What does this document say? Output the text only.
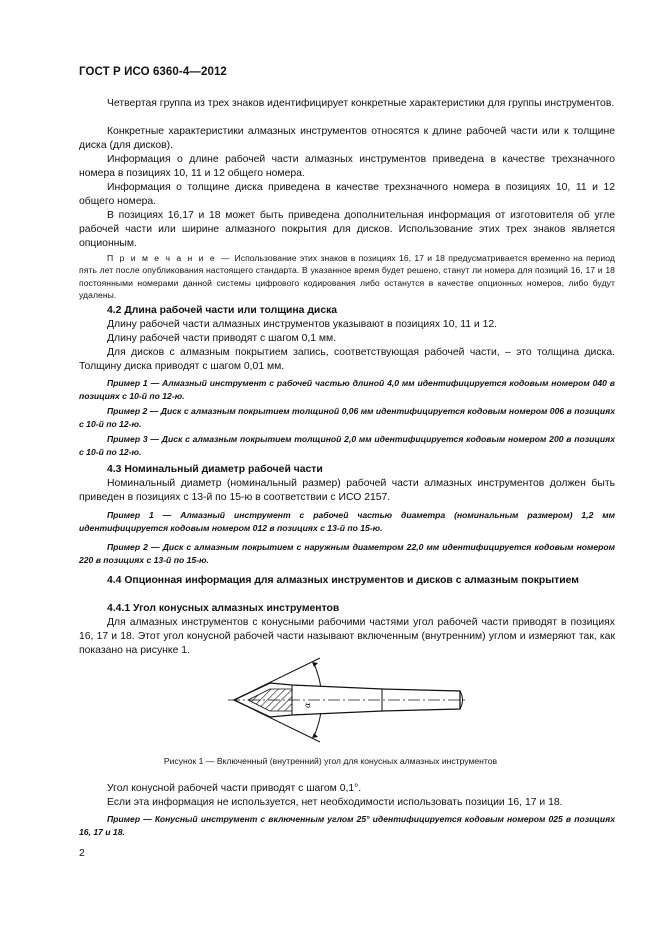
ГОСТ Р ИСО 6360-4—2012
Четвертая группа из трех знаков идентифицирует конкретные характеристики для группы инструментов.
Конкретные характеристики алмазных инструментов относятся к длине рабочей части или к толщине диска (для дисков).
Информация о длине рабочей части алмазных инструментов приведена в качестве трехзначного номера в позициях 10, 11 и 12 общего номера.
Информация о толщине диска приведена в качестве трехзначного номера в позициях 10, 11 и 12 общего номера.
В позициях 16,17 и 18 может быть приведена дополнительная информация от изготовителя об угле рабочей части или ширине алмазного покрытия для дисков. Использование этих трех знаков является опционным.
П р и м е ч а н и е — Использование этих знаков в позициях 16, 17 и 18 предусматривается временно на период пять лет после опубликования настоящего стандарта. В указанное время будет решено, станут ли номера для позиций 16, 17 и 18 постоянными номерами данной системы цифрового кодирования либо останутся в качестве опционных номеров, либо будут удалены.
4.2 Длина рабочей части или толщина диска
Длину рабочей части алмазных инструментов указывают в позициях 10, 11 и 12.
Длину рабочей части приводят с шагом 0,1 мм.
Для дисков с алмазным покрытием запись, соответствующая рабочей части, – это толщина диска. Толщину диска приводят с шагом 0,01 мм.
Пример 1 — Алмазный инструмент с рабочей частью длиной 4,0 мм идентифицируется кодовым номером 040 в позициях с 10-й по 12-ю.
Пример 2 — Диск с алмазным покрытием толщиной 0,06 мм идентифицируется кодовым номером 006 в позициях с 10-й по 12-ю.
Пример 3 — Диск с алмазным покрытием толщиной 2,0 мм идентифицируется кодовым номером 200 в позициях с 10-й по 12-ю.
4.3 Номинальный диаметр рабочей части
Номинальный диаметр (номинальный размер) рабочей части алмазных инструментов должен быть приведен в позициях с 13-й по 15-ю в соответствии с ИСО 2157.
Пример 1 — Алмазный инструмент с рабочей частью диаметра (номинальным размером) 1,2 мм идентифицируется кодовым номером 012 в позициях с 13-й по 15-ю.
Пример 2 — Диск с алмазным покрытием с наружным диаметром 22,0 мм идентифицируется кодовым номером 220 в позициях с 13-й по 15-ю.
4.4 Опционная информация для алмазных инструментов и дисков с алмазным покрытием
4.4.1 Угол конусных алмазных инструментов
Для алмазных инструментов с конусными рабочими частями угол рабочей части приводят в позициях 16, 17 и 18. Этот угол конусной рабочей части называют включенным (внутренним) углом и измеряют так, как показано на рисунке 1.
α
Рисунок 1 — Включенный (внутренний) угол для конусных алмазных инструментов
Угол конусной рабочей части приводят с шагом 0,1°.
Если эта информация не используется, нет необходимости использовать позиции 16, 17 и 18.
Пример — Конусный инструмент с включенным углом 25° идентифицируется кодовым номером 025 в позициях 16, 17 и 18.
2
